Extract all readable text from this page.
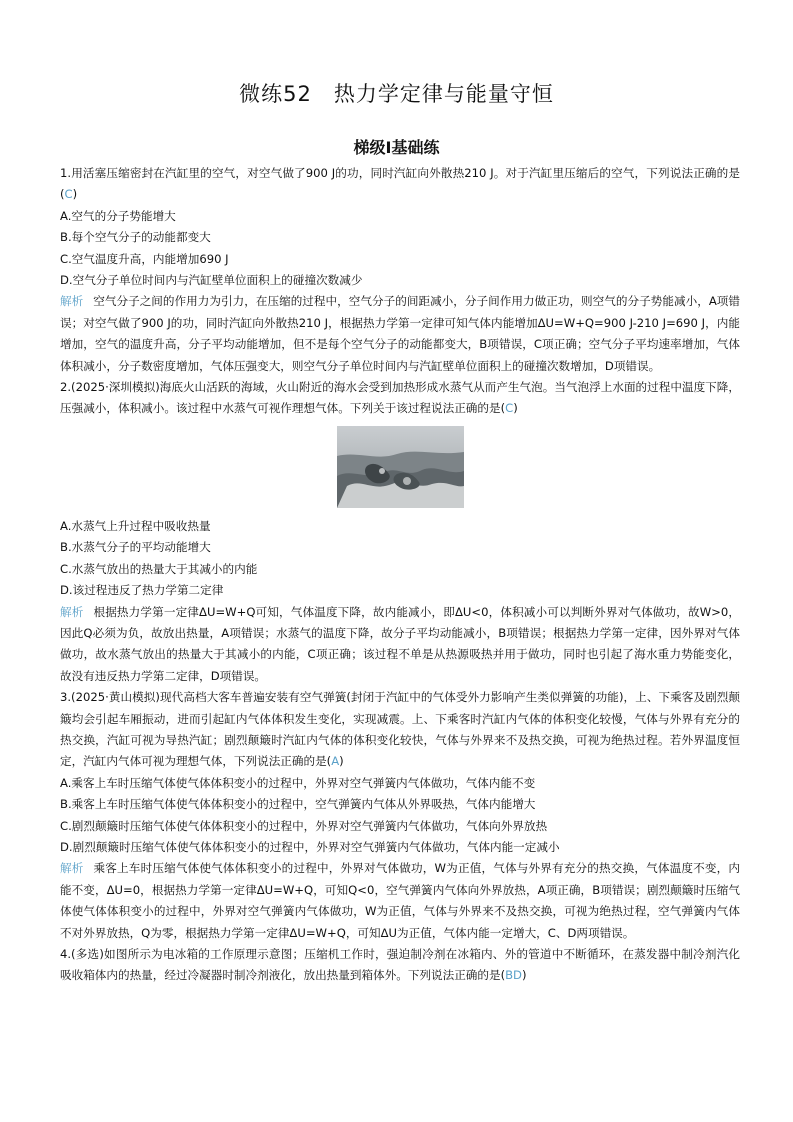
微练52　热力学定律与能量守恒
梯级Ⅰ基础练

1.用活塞压缩密封在汽缸里的空气，对空气做了900 J的功，同时汽缸向外散热210 J。对于汽缸里压缩后的空气，下列说法正确的是(C)

A.空气的分子势能增大

B.每个空气分子的动能都变大

C.空气温度升高，内能增加690 J

D.空气分子单位时间内与汽缸壁单位面积上的碰撞次数减少

解析 空气分子之间的作用力为引力，在压缩的过程中，空气分子的间距减小，分子间作用力做正功，则空气的分子势能减小，A项错误；对空气做了900 J的功，同时汽缸向外散热210 J，根据热力学第一定律可知气体内能增加ΔU=W+Q=900 J-210 J=690 J，内能增加，空气的温度升高，分子平均动能增加，但不是每个空气分子的动能都变大，B项错误，C项正确；空气分子平均速率增加，气体体积减小，分子数密度增加，气体压强变大，则空气分子单位时间内与汽缸壁单位面积上的碰撞次数增加，D项错误。

2.(2025·深圳模拟)海底火山活跃的海域，火山附近的海水会受到加热形成水蒸气从而产生气泡。当气泡浮上水面的过程中温度下降，压强减小，体积减小。该过程中水蒸气可视作理想气体。下列关于该过程说法正确的是(C)

A.水蒸气上升过程中吸收热量

B.水蒸气分子的平均动能增大

C.水蒸气放出的热量大于其减小的内能

D.该过程违反了热力学第二定律

解析 根据热力学第一定律ΔU=W+Q可知，气体温度下降，故内能减小，即ΔU<0，体积减小可以判断外界对气体做功，故W>0，因此Q必须为负，故放出热量，A项错误；水蒸气的温度下降，故分子平均动能减小，B项错误；根据热力学第一定律，因外界对气体做功，故水蒸气放出的热量大于其减小的内能，C项正确；该过程不单是从热源吸热并用于做功，同时也引起了海水重力势能变化，故没有违反热力学第二定律，D项错误。

3.(2025·黄山模拟)现代高档大客车普遍安装有空气弹簧(封闭于汽缸中的气体受外力影响产生类似弹簧的功能)，上、下乘客及剧烈颠簸均会引起车厢振动，进而引起缸内气体体积发生变化，实现减震。上、下乘客时汽缸内气体的体积变化较慢，气体与外界有充分的热交换，汽缸可视为导热汽缸；剧烈颠簸时汽缸内气体的体积变化较快，气体与外界来不及热交换，可视为绝热过程。若外界温度恒定，汽缸内气体可视为理想气体，下列说法正确的是(A)

A.乘客上车时压缩气体使气体体积变小的过程中，外界对空气弹簧内气体做功，气体内能不变

B.乘客上车时压缩气体使气体体积变小的过程中，空气弹簧内气体从外界吸热，气体内能增大

C.剧烈颠簸时压缩气体使气体体积变小的过程中，外界对空气弹簧内气体做功，气体向外界放热

D.剧烈颠簸时压缩气体使气体体积变小的过程中，外界对空气弹簧内气体做功，气体内能一定减小

解析 乘客上车时压缩气体使气体体积变小的过程中，外界对气体做功，W为正值，气体与外界有充分的热交换，气体温度不变，内能不变，ΔU=0，根据热力学第一定律ΔU=W+Q，可知Q<0，空气弹簧内气体向外界放热，A项正确，B项错误；剧烈颠簸时压缩气体使气体体积变小的过程中，外界对空气弹簧内气体做功，W为正值，气体与外界来不及热交换，可视为绝热过程，空气弹簧内气体不对外界放热，Q为零，根据热力学第一定律ΔU=W+Q，可知ΔU为正值，气体内能一定增大，C、D两项错误。

4.(多选)如图所示为电冰箱的工作原理示意图；压缩机工作时，强迫制冷剂在冰箱内、外的管道中不断循环，在蒸发器中制冷剂汽化吸收箱体内的热量，经过冷凝器时制冷剂液化，放出热量到箱体外。下列说法正确的是(BD)
